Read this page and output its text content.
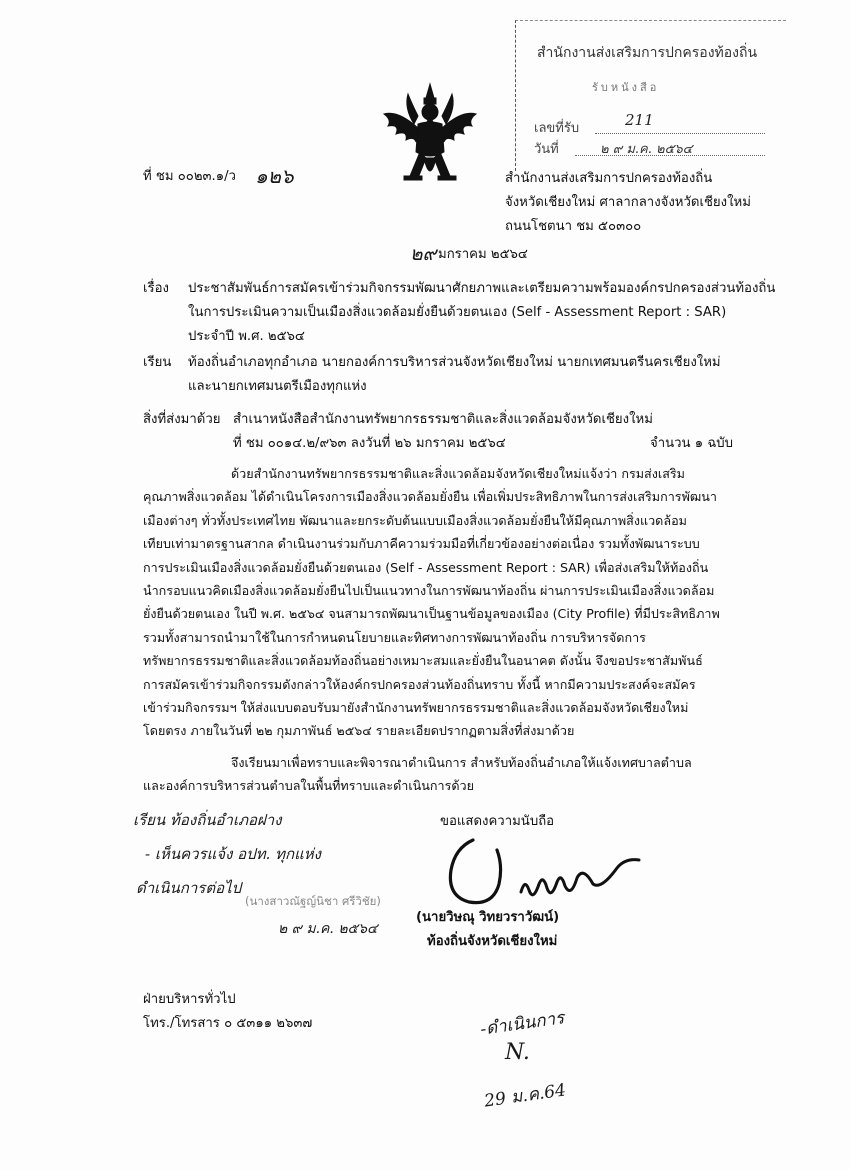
สำนักงานส่งเสริมการปกครองท้องถิ่น
รับหนังสือ
เลขที่รับ	211
วันที่	๒ ๙ ม.ค. ๒๕๖๔
ที่ ชม ๐๐๒๓.๑/ว ๑๒๖	สำนักงานส่งเสริมการปกครองท้องถิ่น
จังหวัดเชียงใหม่ ศาลากลางจังหวัดเชียงใหม่
ถนนโชตนา ชม ๕๐๓๐๐
๒๙ มกราคม ๒๕๖๔
เรื่อง ประชาสัมพันธ์การสมัครเข้าร่วมกิจกรรมพัฒนาศักยภาพและเตรียมความพร้อมองค์กรปกครองส่วนท้องถิ่น
ในการประเมินความเป็นเมืองสิ่งแวดล้อมยั่งยืนด้วยตนเอง (Self - Assessment Report : SAR)
ประจำปี พ.ศ. ๒๕๖๔
เรียน ท้องถิ่นอำเภอทุกอำเภอ นายกองค์การบริหารส่วนจังหวัดเชียงใหม่ นายกเทศมนตรีนครเชียงใหม่
และนายกเทศมนตรีเมืองทุกแห่ง
สิ่งที่ส่งมาด้วย สำเนาหนังสือสำนักงานทรัพยากรธรรมชาติและสิ่งแวดล้อมจังหวัดเชียงใหม่
ที่ ชม ๐๐๑๔.๒/๙๖๓ ลงวันที่ ๒๖ มกราคม ๒๕๖๔	จำนวน ๑ ฉบับ
ด้วยสำนักงานทรัพยากรธรรมชาติและสิ่งแวดล้อมจังหวัดเชียงใหม่แจ้งว่า กรมส่งเสริม
คุณภาพสิ่งแวดล้อม ได้ดำเนินโครงการเมืองสิ่งแวดล้อมยั่งยืน เพื่อเพิ่มประสิทธิภาพในการส่งเสริมการพัฒนา
เมืองต่างๆ ทั่วทั้งประเทศไทย พัฒนาและยกระดับต้นแบบเมืองสิ่งแวดล้อมยั่งยืนให้มีคุณภาพสิ่งแวดล้อม
เทียบเท่ามาตรฐานสากล ดำเนินงานร่วมกับภาคีความร่วมมือที่เกี่ยวข้องอย่างต่อเนื่อง รวมทั้งพัฒนาระบบ
การประเมินเมืองสิ่งแวดล้อมยั่งยืนด้วยตนเอง (Self - Assessment Report : SAR) เพื่อส่งเสริมให้ท้องถิ่น
นำกรอบแนวคิดเมืองสิ่งแวดล้อมยั่งยืนไปเป็นแนวทางในการพัฒนาท้องถิ่น ผ่านการประเมินเมืองสิ่งแวดล้อม
ยั่งยืนด้วยตนเอง ในปี พ.ศ. ๒๕๖๔ จนสามารถพัฒนาเป็นฐานข้อมูลของเมือง (City Profile) ที่มีประสิทธิภาพ
รวมทั้งสามารถนำมาใช้ในการกำหนดนโยบายและทิศทางการพัฒนาท้องถิ่น การบริหารจัดการ
ทรัพยากรธรรมชาติและสิ่งแวดล้อมท้องถิ่นอย่างเหมาะสมและยั่งยืนในอนาคต ดังนั้น จึงขอประชาสัมพันธ์
การสมัครเข้าร่วมกิจกรรมดังกล่าวให้องค์กรปกครองส่วนท้องถิ่นทราบ ทั้งนี้ หากมีความประสงค์จะสมัคร
เข้าร่วมกิจกรรมฯ ให้ส่งแบบตอบรับมายังสำนักงานทรัพยากรธรรมชาติและสิ่งแวดล้อมจังหวัดเชียงใหม่
โดยตรง ภายในวันที่ ๒๒ กุมภาพันธ์ ๒๕๖๔ รายละเอียดปรากฏตามสิ่งที่ส่งมาด้วย
จึงเรียนมาเพื่อทราบและพิจารณาดำเนินการ สำหรับท้องถิ่นอำเภอให้แจ้งเทศบาลตำบล
และองค์การบริหารส่วนตำบลในพื้นที่ทราบและดำเนินการด้วย
เรียน ท้องถิ่นอำเภอฝาง
- เห็นควรแจ้ง อปท. ทุกแห่ง
ดำเนินการต่อไป
(นางสาวณัฐญ์นิชา ศรีวิชัย)
๒ ๙ ม.ค. ๒๕๖๔
ขอแสดงความนับถือ
(นายวิษณุ วิทยวราวัฒน์)
ท้องถิ่นจังหวัดเชียงใหม่
ฝ่ายบริหารทั่วไป
โทร./โทรสาร ๐ ๕๓๑๑ ๒๖๓๗	-ดำเนินการ
N.
29 ม.ค.64
